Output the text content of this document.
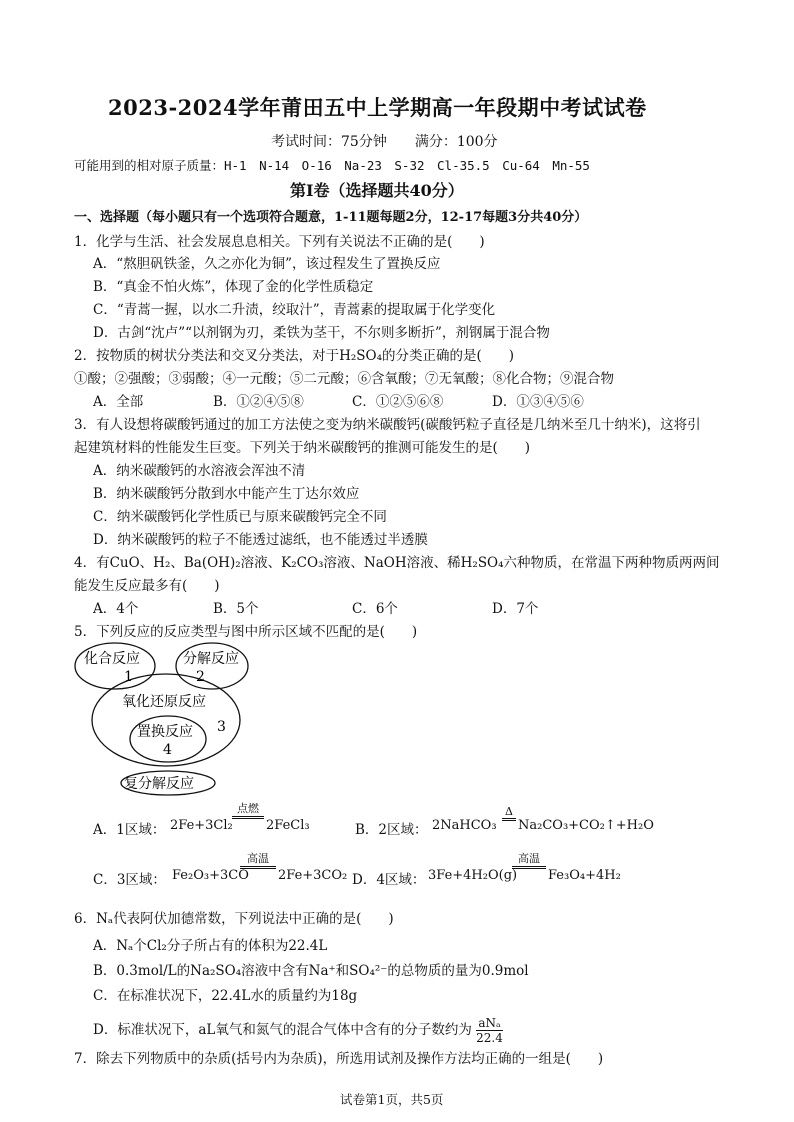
2023-2024学年莆田五中上学期高一年段期中考试试卷
考试时间：75分钟　　满分：100分
可能用到的相对原子质量：H-1　N-14　O-16　Na-23　S-32　Cl-35.5　Cu-64　Mn-55
第Ⅰ卷（选择题共40分）
一、选择题（每小题只有一个选项符合题意，1-11题每题2分，12-17每题3分共40分）
1．化学与生活、社会发展息息相关。下列有关说法不正确的是(　　)
A．“熬胆矾铁釜，久之亦化为铜”，该过程发生了置换反应
B．“真金不怕火炼”，体现了金的化学性质稳定
C．“青蒿一握，以水二升渍，绞取汁”，青蒿素的提取属于化学变化
D．古剑“沈卢”“以剂钢为刃，柔铁为茎干，不尔则多断折”，剂钢属于混合物
2．按物质的树状分类法和交叉分类法，对于H₂SO₄的分类正确的是(　　)
①酸；②强酸；③弱酸；④一元酸；⑤二元酸；⑥含氧酸；⑦无氧酸；⑧化合物；⑨混合物
A．全部	B．①②④⑤⑧	C．①②⑤⑥⑧	D．①③④⑤⑥
3．有人设想将碳酸钙通过的加工方法使之变为纳米碳酸钙(碳酸钙粒子直径是几纳米至几十纳米)，这将引
起建筑材料的性能发生巨变。下列关于纳米碳酸钙的推测可能发生的是(　　)
A．纳米碳酸钙的水溶液会浑浊不清
B．纳米碳酸钙分散到水中能产生丁达尔效应
C．纳米碳酸钙化学性质已与原来碳酸钙完全不同
D．纳米碳酸钙的粒子不能透过滤纸，也不能透过半透膜
4．有CuO、H₂、Ba(OH)₂溶液、K₂CO₃溶液、NaOH溶液、稀H₂SO₄六种物质，在常温下两种物质两两间
能发生反应最多有(　　)
A．4个	B．5个	C．6个	D．7个
5．下列反应的反应类型与图中所示区域不匹配的是(　　)
化合反应
1
分解反应
2
氧化还原反应
3
置换反应
4
复分解反应
A．1区域： 2Fe+3Cl₂
点燃
2FeCl₃	B．2区域： 2NaHCO₃
Δ
Na₂CO₃+CO₂↑+H₂O
C．3区域： Fe₂O₃+3CO
高温
2Fe+3CO₂ D．4区域： 3Fe+4H₂O(g)
高温
Fe₃O₄+4H₂
6．Nₐ代表阿伏加德常数，下列说法中正确的是(　　)
A．Nₐ个Cl₂分子所占有的体积为22.4L
B．0.3mol/L的Na₂SO₄溶液中含有Na⁺和SO₄²⁻的总物质的量为0.9mol
C．在标准状况下，22.4L水的质量约为18g
D．标准状况下，aL氧气和氮气的混合气体中含有的分子数约为 $\frac{\text{aNₐ}}{22.4}$
7．除去下列物质中的杂质(括号内为杂质)，所选用试剂及操作方法均正确的一组是(　　)
试卷第1页，共5页
